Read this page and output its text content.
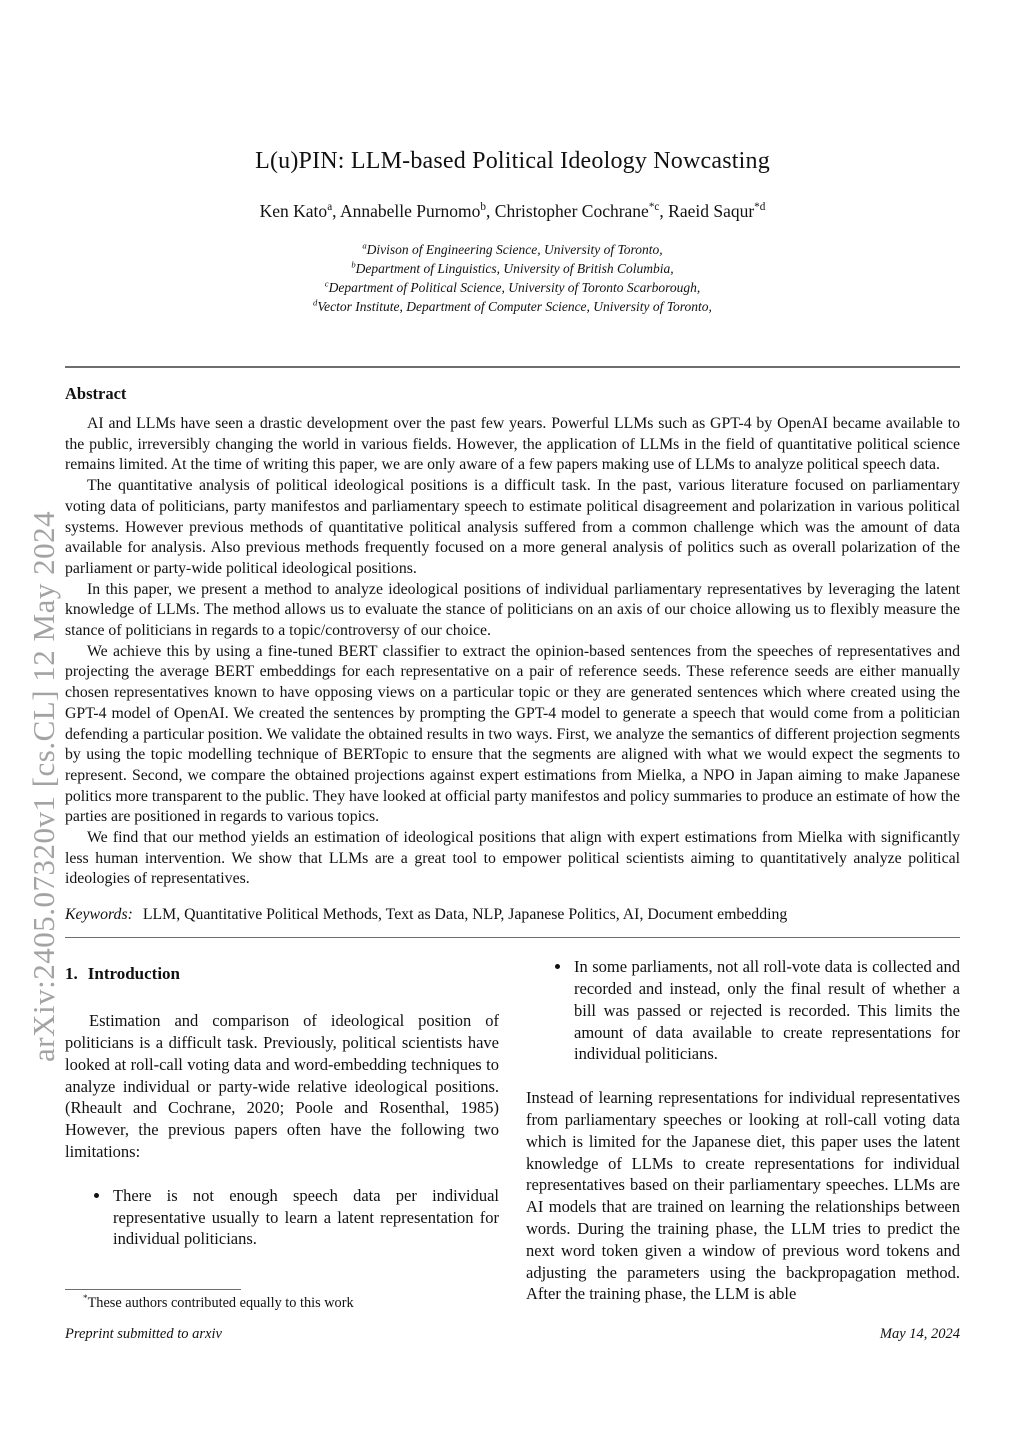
arXiv:2405.07320v1 [cs.CL] 12 May 2024
L(u)PIN: LLM-based Political Ideology Nowcasting
Ken Kato$^a$, Annabelle Purnomo$^b$, Christopher Cochrane$^{*c}$, Raeid Saqur$^{*d}$
$^a$Divison of Engineering Science, University of Toronto,
$^b$Department of Linguistics, University of British Columbia,
$^c$Department of Political Science, University of Toronto Scarborough,
$^d$Vector Institute, Department of Computer Science, University of Toronto,
Abstract

AI and LLMs have seen a drastic development over the past few years. Powerful LLMs such as GPT-4 by OpenAI became available to the public, irreversibly changing the world in various fields. However, the application of LLMs in the field of quantitative political science remains limited. At the time of writing this paper, we are only aware of a few papers making use of LLMs to analyze political speech data.

The quantitative analysis of political ideological positions is a difficult task. In the past, various literature focused on parliamentary voting data of politicians, party manifestos and parliamentary speech to estimate political disagreement and polarization in various political systems. However previous methods of quantitative political analysis suffered from a common challenge which was the amount of data available for analysis. Also previous methods frequently focused on a more general analysis of politics such as overall polarization of the parliament or party-wide political ideological positions.

In this paper, we present a method to analyze ideological positions of individual parliamentary representatives by leveraging the latent knowledge of LLMs. The method allows us to evaluate the stance of politicians on an axis of our choice allowing us to flexibly measure the stance of politicians in regards to a topic/controversy of our choice.

We achieve this by using a fine-tuned BERT classifier to extract the opinion-based sentences from the speeches of representatives and projecting the average BERT embeddings for each representative on a pair of reference seeds. These reference seeds are either manually chosen representatives known to have opposing views on a particular topic or they are generated sentences which where created using the GPT-4 model of OpenAI. We created the sentences by prompting the GPT-4 model to generate a speech that would come from a politician defending a particular position. We validate the obtained results in two ways. First, we analyze the semantics of different projection segments by using the topic modelling technique of BERTopic to ensure that the segments are aligned with what we would expect the segments to represent. Second, we compare the obtained projections against expert estimations from Mielka, a NPO in Japan aiming to make Japanese politics more transparent to the public. They have looked at official party manifestos and policy summaries to produce an estimate of how the parties are positioned in regards to various topics.

We find that our method yields an estimation of ideological positions that align with expert estimations from Mielka with significantly less human intervention. We show that LLMs are a great tool to empower political scientists aiming to quantitatively analyze political ideologies of representatives.

Keywords: LLM, Quantitative Political Methods, Text as Data, NLP, Japanese Politics, AI, Document embedding

1. Introduction

Estimation and comparison of ideological position of politicians is a difficult task. Previously, political scientists have looked at roll-call voting data and word-embedding techniques to analyze individual or party-wide relative ideological positions. (Rheault and Cochrane, 2020; Poole and Rosenthal, 1985) However, the previous papers often have the following two limitations:

• There is not enough speech data per individual representative usually to learn a latent representation for individual politicians.
• In some parliaments, not all roll-vote data is collected and recorded and instead, only the final result of whether a bill was passed or rejected is recorded. This limits the amount of data available to create representations for individual politicians.

Instead of learning representations for individual representatives from parliamentary speeches or looking at roll-call voting data which is limited for the Japanese diet, this paper uses the latent knowledge of LLMs to create representations for individual representatives based on their parliamentary speeches. LLMs are AI models that are trained on learning the relationships between words. During the training phase, the LLM tries to predict the next word token given a window of previous word tokens and adjusting the parameters using the backpropagation method. After the training phase, the LLM is able

*These authors contributed equally to this work
Preprint submitted to arxiv	May 14, 2024
